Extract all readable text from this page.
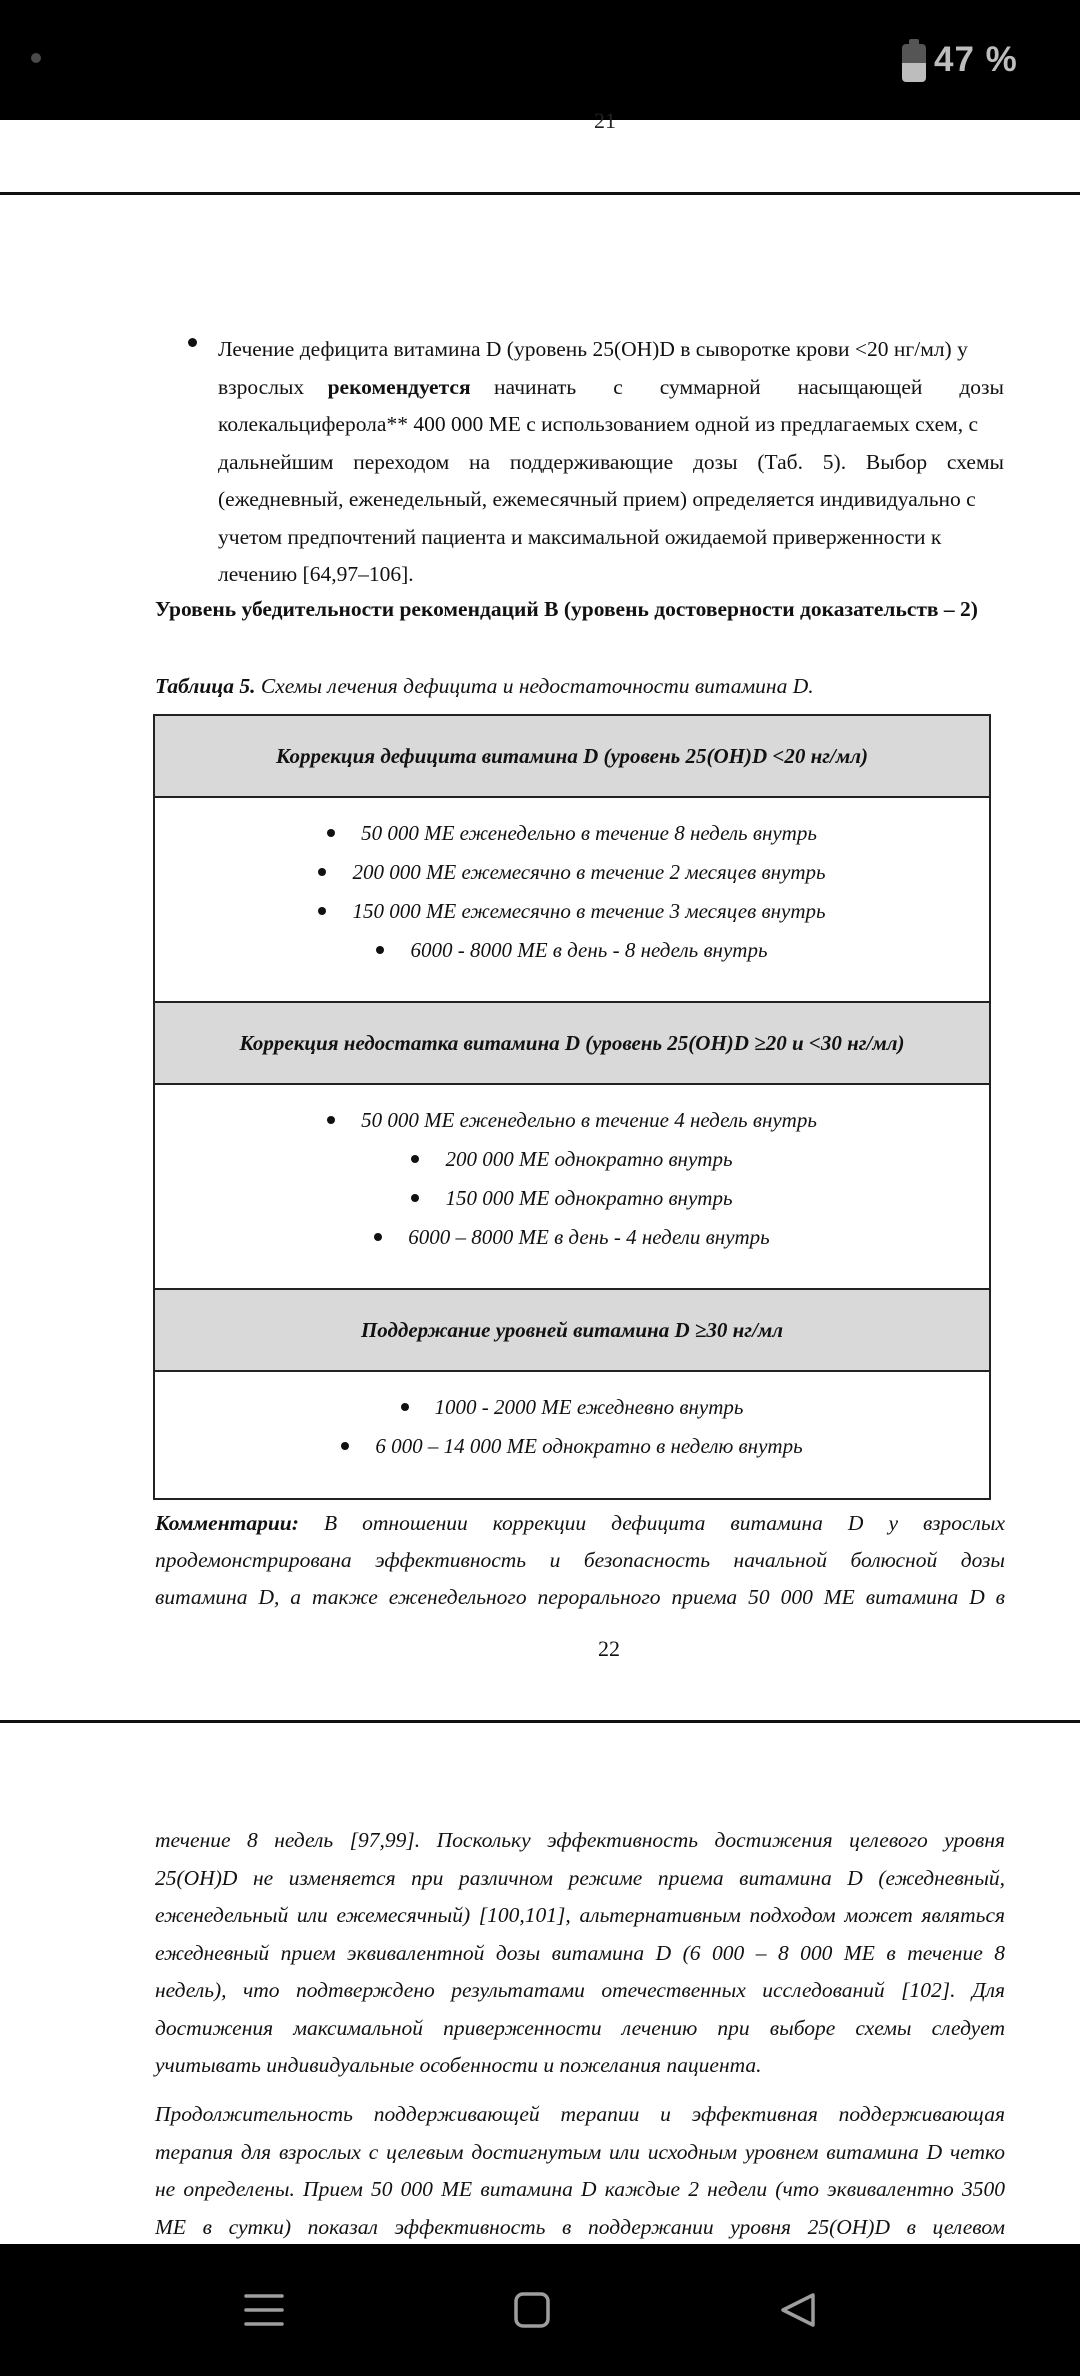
47 %
21
Лечение дефицита витамина D (уровень 25(OH)D в сыворотке крови <20 нг/мл) у
взрослых рекомендуется начинать с суммарной насыщающей дозы
колекальциферола** 400 000 МЕ с использованием одной из предлагаемых схем, с
дальнейшим переходом на поддерживающие дозы (Таб. 5). Выбор схемы
(ежедневный, еженедельный, ежемесячный прием) определяется индивидуально с
учетом предпочтений пациента и максимальной ожидаемой приверженности к
лечению [64,97–106].
Уровень убедительности рекомендаций B (уровень достоверности доказательств – 2)
Таблица 5. Схемы лечения дефицита и недостаточности витамина D.
Коррекция дефицита витамина D (уровень 25(OH)D <20 нг/мл)
50 000 МЕ еженедельно в течение 8 недель внутрь
200 000 МЕ ежемесячно в течение 2 месяцев внутрь
150 000 МЕ ежемесячно в течение 3 месяцев внутрь
6000 - 8000 МЕ в день - 8 недель внутрь
Коррекция недостатка витамина D (уровень 25(OH)D ≥20 и <30 нг/мл)
50 000 МЕ еженедельно в течение 4 недель внутрь
200 000 МЕ однократно внутрь
150 000 МЕ однократно внутрь
6000 – 8000 МЕ в день - 4 недели внутрь
Поддержание уровней витамина D ≥30 нг/мл
1000 - 2000 МЕ ежедневно внутрь
6 000 – 14 000 МЕ однократно в неделю внутрь
Комментарии: В отношении коррекции дефицита витамина D у взрослых
продемонстрирована эффективность и безопасность начальной болюсной дозы
витамина D, а также еженедельного перорального приема 50 000 МЕ витамина D в
22
течение 8 недель [97,99]. Поскольку эффективность достижения целевого уровня
25(OH)D не изменяется при различном режиме приема витамина D (ежедневный,
еженедельный или ежемесячный) [100,101], альтернативным подходом может являться
ежедневный прием эквивалентной дозы витамина D (6 000 – 8 000 МЕ в течение 8
недель), что подтверждено результатами отечественных исследований [102]. Для
достижения максимальной приверженности лечению при выборе схемы следует
учитывать индивидуальные особенности и пожелания пациента.
Продолжительность поддерживающей терапии и эффективная поддерживающая
терапия для взрослых с целевым достигнутым или исходным уровнем витамина D четко
не определены. Прием 50 000 МЕ витамина D каждые 2 недели (что эквивалентно 3500
МЕ в сутки) показал эффективность в поддержании уровня 25(OH)D в целевом
